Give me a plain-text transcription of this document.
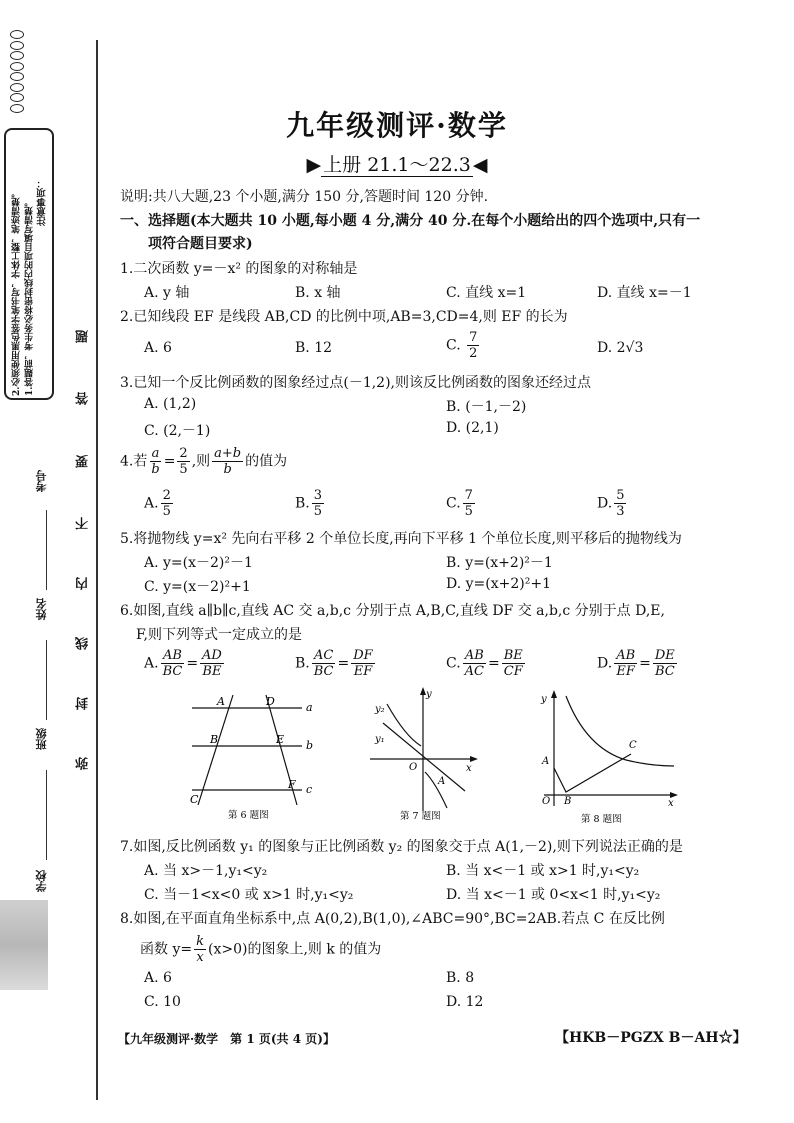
注意事项：
1.答题前，考生务必将密封线内的项目填写清楚。
2.必须使用黑色签字笔书写，字体工整，笔迹清楚。	题
答
要
不
内
线
封
弥
考号
姓名
班级
学校
九年级测评·数学
▶ 上册 21.1～22.3 ◀
说明:共八大题,23 个小题,满分 150 分,答题时间 120 分钟.
一、选择题(本大题共 10 小题,每小题 4 分,满分 40 分.在每个小题给出的四个选项中,只有一
项符合题目要求)
1.二次函数 y=－x² 的图象的对称轴是
A. y 轴	B. x 轴	C. 直线 x=1	D. 直线 x=－1
2.已知线段 EF 是线段 AB,CD 的比例中项,AB=3,CD=4,则 EF 的长为
A. 6	B. 12	C. $\frac{7}{2}$	D. 2√3
3.已知一个反比例函数的图象经过点(－1,2),则该反比例函数的图象还经过点
A. (1,2)	B. (－1,－2)
C. (2,－1)	D. (2,1)
4.若 $\frac{a}{b} = \frac{2}{5}$ ,则 $\frac{a+b}{b}$ 的值为
A. $\frac{2}{5}$	B. $\frac{3}{5}$	C. $\frac{7}{5}$	D. $\frac{5}{3}$
5.将抛物线 y=x² 先向右平移 2 个单位长度,再向下平移 1 个单位长度,则平移后的抛物线为
A. y=(x－2)²－1	B. y=(x+2)²－1
C. y=(x－2)²+1	D. y=(x+2)²+1
6.如图,直线 a∥b∥c,直线 AC 交 a,b,c 分别于点 A,B,C,直线 DF 交 a,b,c 分别于点 D,E,
F,则下列等式一定成立的是
A. $\frac{AB}{BC} = \frac{AD}{BE}$	B. $\frac{AC}{BC} = \frac{DF}{EF}$	C. $\frac{AB}{AC} = \frac{BE}{CF}$	D. $\frac{AB}{EF} = \frac{DE}{BC}$
A	D	a
B	E b
C
F c
第 6 题图
y
y₂
y₁
O	x
A
第 7 题图
y
A
C
O B	x
第 8 题图
7.如图,反比例函数 y₁ 的图象与正比例函数 y₂ 的图象交于点 A(1,－2),则下列说法正确的是
A. 当 x>－1,y₁<y₂	B. 当 x<－1 或 x>1 时,y₁<y₂
C. 当－1<x<0 或 x>1 时,y₁<y₂	D. 当 x<－1 或 0<x<1 时,y₁<y₂
8.如图,在平面直角坐标系中,点 A(0,2),B(1,0),∠ABC=90°,BC=2AB.若点 C 在反比例
函数 $y= \frac{k}{x} (x>0)$的图象上,则 k 的值为
A. 6	B. 8
C. 10	D. 12
【九年级测评·数学　第 1 页(共 4 页)】	【HKB－PGZX B－AH☆】
